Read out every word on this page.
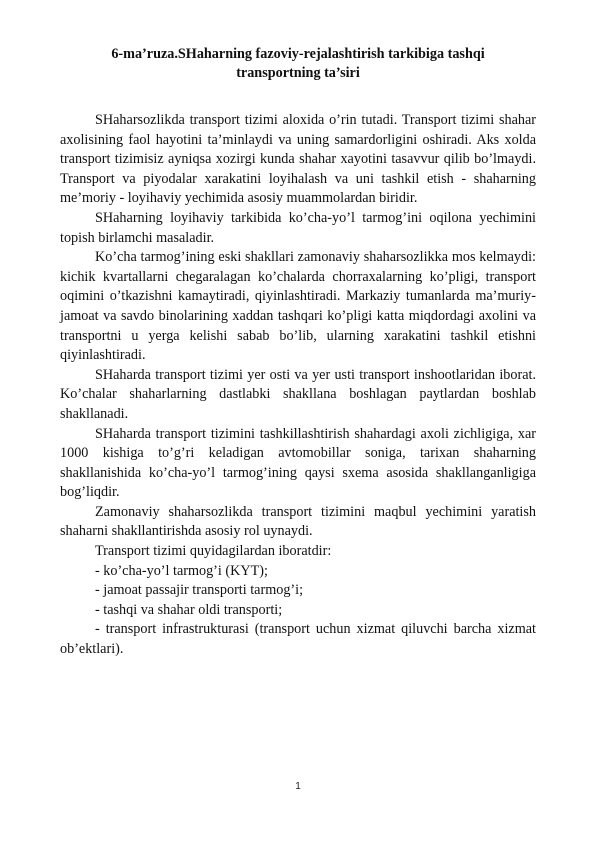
6-ma’ruza.SHaharning fazoviy-rejalashtirish tarkibiga tashqi
transportning ta’siri

SHaharsozlikda transport tizimi aloxida o’rin tutadi. Transport tizimi shahar axolisining faol hayotini ta’minlaydi va uning samardorligini oshiradi. Aks xolda transport tizimisiz ayniqsa xozirgi kunda shahar xayotini tasavvur qilib bo’lmaydi. Transport va piyodalar xarakatini loyihalash va uni tashkil etish - shaharning me’moriy - loyihaviy yechimida asosiy muammolardan biridir.

SHaharning loyihaviy tarkibida ko’cha-yo’l tarmog’ini oqilona yechimini topish birlamchi masaladir.

Ko’cha tarmog’ining eski shakllari zamonaviy shaharsozlikka mos kelmaydi: kichik kvartallarni chegaralagan ko’chalarda chorraxalarning ko’pligi, transport oqimini o’tkazishni kamaytiradi, qiyinlashtiradi. Markaziy tumanlarda ma’muriy-jamoat va savdo binolarining xaddan tashqari ko’pligi katta miqdordagi axolini va transportni u yerga kelishi sabab bo’lib, ularning xarakatini tashkil etishni qiyinlashtiradi.

SHaharda transport tizimi yer osti va yer usti transport inshootlaridan iborat. Ko’chalar shaharlarning dastlabki shakllana boshlagan paytlardan boshlab shakllanadi.

SHaharda transport tizimini tashkillashtirish shahardagi axoli zichligiga, xar 1000 kishiga to’g’ri keladigan avtomobillar soniga, tarixan shaharning shakllanishida ko’cha-yo’l tarmog’ining qaysi sxema asosida shakllanganligiga bog’liqdir.

Zamonaviy shaharsozlikda transport tizimini maqbul yechimini yaratish shaharni shakllantirishda asosiy rol uynaydi.

Transport tizimi quyidagilardan iboratdir:

- ko’cha-yo’l tarmog’i (KYT);

- jamoat passajir transporti tarmog’i;

- tashqi va shahar oldi transporti;

- transport infrastrukturasi (transport uchun xizmat qiluvchi barcha xizmat ob’ektlari).

1
